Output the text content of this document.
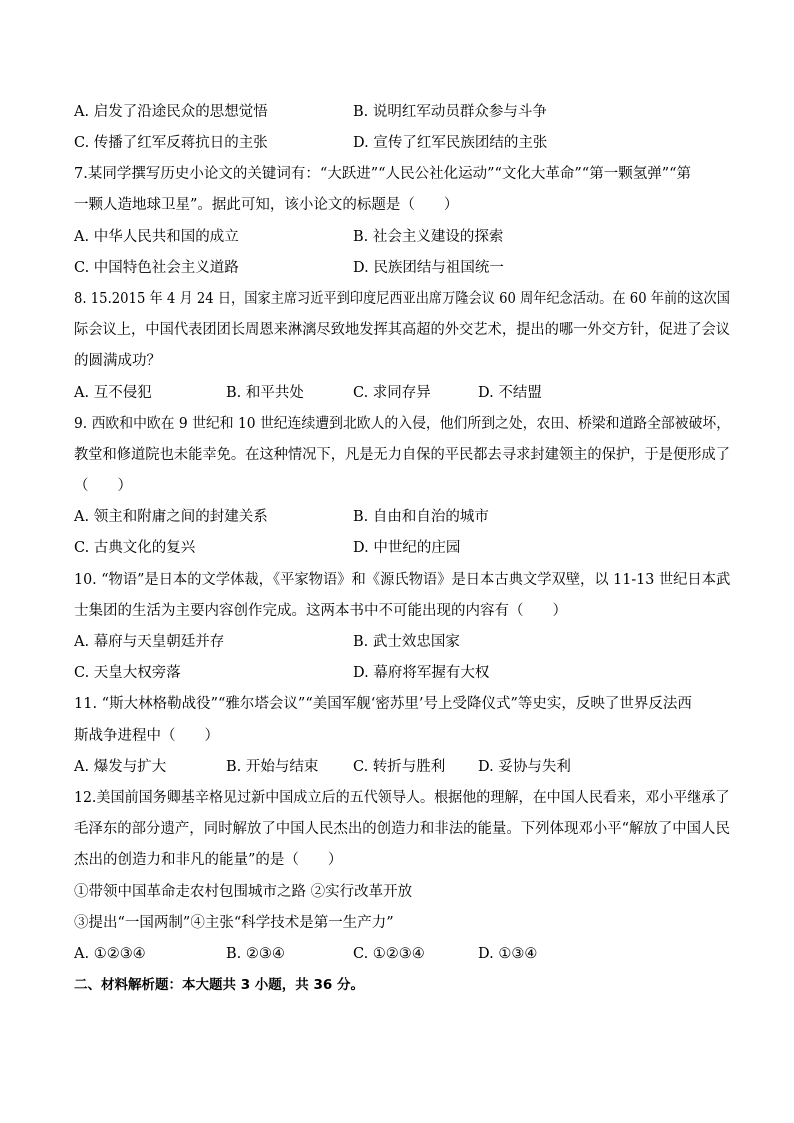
A. 启发了沿途民众的思想觉悟	B. 说明红军动员群众参与斗争
C. 传播了红军反蒋抗日的主张	D. 宣传了红军民族团结的主张
7.某同学撰写历史小论文的关键词有：“大跃进”“人民公社化运动”“文化大革命”“第一颗氢弹”“第
一颗人造地球卫星”。据此可知，该小论文的标题是（　　）
A. 中华人民共和国的成立	B. 社会主义建设的探索
C. 中国特色社会主义道路	D. 民族团结与祖国统一
8. 15.2015 年 4 月 24 日，国家主席习近平到印度尼西亚出席万隆会议 60 周年纪念活动。在 60 年前的这次国
际会议上，中国代表团团长周恩来淋漓尽致地发挥其高超的外交艺术，提出的哪一外交方针，促进了会议
的圆满成功？
A. 互不侵犯	B. 和平共处	C. 求同存异	D. 不结盟
9. 西欧和中欧在 9 世纪和 10 世纪连续遭到北欧人的入侵，他们所到之处，农田、桥梁和道路全部被破坏，
教堂和修道院也未能幸免。在这种情况下，凡是无力自保的平民都去寻求封建领主的保护，于是便形成了
（　　）
A. 领主和附庸之间的封建关系	B. 自由和自治的城市
C. 古典文化的复兴	D. 中世纪的庄园
10. “物语”是日本的文学体裁，《平家物语》和《源氏物语》是日本古典文学双壁，以 11-13 世纪日本武
士集团的生活为主要内容创作完成。这两本书中不可能出现的内容有（　　）
A. 幕府与天皇朝廷并存	B. 武士效忠国家
C. 天皇大权旁落	D. 幕府将军握有大权
11. “斯大林格勒战役”“雅尔塔会议”“美国军舰‘密苏里’号上受降仪式”等史实，反映了世界反法西
斯战争进程中（　　）
A. 爆发与扩大	B. 开始与结束 C. 转折与胜利 D. 妥协与失利
12.美国前国务卿基辛格见过新中国成立后的五代领导人。根据他的理解，在中国人民看来，邓小平继承了
毛泽东的部分遗产，同时解放了中国人民杰出的创造力和非法的能量。下列体现邓小平“解放了中国人民
杰出的创造力和非凡的能量”的是（　　）
①带领中国革命走农村包围城市之路 ②实行改革开放
③提出“一国两制”④主张“科学技术是第一生产力”
A. ①②③④	B. ②③④	C. ①②③④	D. ①③④
二、材料解析题：本大题共 3 小题，共 36 分。
